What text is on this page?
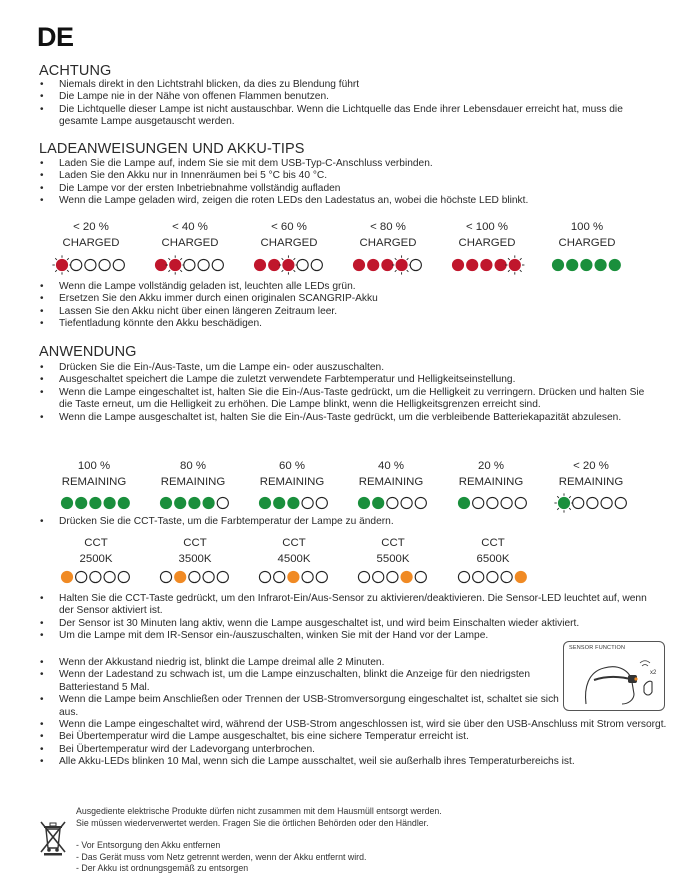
DE
ACHTUNG
• Niemals direkt in den Lichtstrahl blicken, da dies zu Blendung führt
• Die Lampe nie in der Nähe von offenen Flammen benutzen.
• Die Lichtquelle dieser Lampe ist nicht austauschbar. Wenn die Lichtquelle das Ende ihrer Lebensdauer erreicht hat, muss die gesamte Lampe ausgetauscht werden.
LADEANWEISUNGEN UND AKKU-TIPS
• Laden Sie die Lampe auf, indem Sie sie mit dem USB-Typ-C-Anschluss verbinden.
• Laden Sie den Akku nur in Innenräumen bei 5 °C bis 40 °C.
• Die Lampe vor der ersten Inbetriebnahme vollständig aufladen
• Wenn die Lampe geladen wird, zeigen die roten LEDs den Ladestatus an, wobei die höchste LED blinkt.
< 20 %
CHARGED
< 40 %
CHARGED
< 60 %
CHARGED
< 80 %
CHARGED
< 100 %
CHARGED
100 %
CHARGED
• Wenn die Lampe vollständig geladen ist, leuchten alle LEDs grün.
• Ersetzen Sie den Akku immer durch einen originalen SCANGRIP-Akku
• Lassen Sie den Akku nicht über einen längeren Zeitraum leer.
• Tiefentladung könnte den Akku beschädigen.
ANWENDUNG
• Drücken Sie die Ein-/Aus-Taste, um die Lampe ein- oder auszuschalten.
• Ausgeschaltet speichert die Lampe die zuletzt verwendete Farbtemperatur und Helligkeitseinstellung.
• Wenn die Lampe eingeschaltet ist, halten Sie die Ein-/Aus-Taste gedrückt, um die Helligkeit zu verringern. Drücken und halten Sie die Taste erneut, um die Helligkeit zu erhöhen. Die Lampe blinkt, wenn die Helligkeitsgrenzen erreicht sind.
• Wenn die Lampe ausgeschaltet ist, halten Sie die Ein-/Aus-Taste gedrückt, um die verbleibende Batteriekapazität abzulesen.
100 %
REMAINING
80 %
REMAINING
60 %
REMAINING
40 %
REMAINING
20 %
REMAINING
< 20 %
REMAINING
• Drücken Sie die CCT-Taste, um die Farbtemperatur der Lampe zu ändern.
CCT
2500K
CCT
3500K
CCT
4500K
CCT
5500K
CCT
6500K
• Halten Sie die CCT-Taste gedrückt, um den Infrarot-Ein/Aus-Sensor zu aktivieren/deaktivieren. Die Sensor-LED leuchtet auf, wenn der Sensor aktiviert ist.
• Der Sensor ist 30 Minuten lang aktiv, wenn die Lampe ausgeschaltet ist, und wird beim Einschalten wieder aktiviert.
• Um die Lampe mit dem IR-Sensor ein-/auszuschalten, winken Sie mit der Hand vor der Lampe.
• Wenn der Akkustand niedrig ist, blinkt die Lampe dreimal alle 2 Minuten.
• Wenn der Ladestand zu schwach ist, um die Lampe einzuschalten, blinkt die Anzeige für den niedrigsten Batteriestand 5 Mal.
• Wenn die Lampe beim Anschließen oder Trennen der USB-Stromversorgung eingeschaltet ist, schaltet sie sich aus.
• Wenn die Lampe eingeschaltet wird, während der USB-Strom angeschlossen ist, wird sie über den USB-Anschluss mit Strom versorgt.
• Bei Übertemperatur wird die Lampe ausgeschaltet, bis eine sichere Temperatur erreicht ist.
• Bei Übertemperatur wird der Ladevorgang unterbrochen.
• Alle Akku-LEDs blinken 10 Mal, wenn sich die Lampe ausschaltet, weil sie außerhalb ihres Temperaturbereichs ist.
SENSOR FUNCTION
x2
Ausgediente elektrische Produkte dürfen nicht zusammen mit dem Hausmüll entsorgt werden.
Sie müssen wiederverwertet werden. Fragen Sie die örtlichen Behörden oder den Händler.
- Vor Entsorgung den Akku entfernen
- Das Gerät muss vom Netz getrennt werden, wenn der Akku entfernt wird.
- Der Akku ist ordnungsgemäß zu entsorgen
